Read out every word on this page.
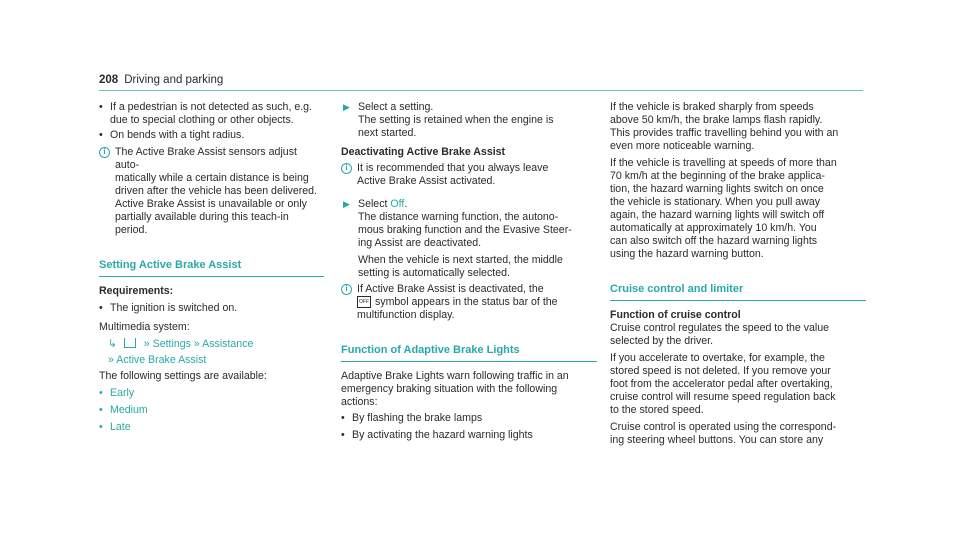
208 Driving and parking
• If a pedestrian is not detected as such, e.g.
due to special clothing or other objects.
• On bends with a tight radius.
i The Active Brake Assist sensors adjust auto-
matically while a certain distance is being
driven after the vehicle has been delivered.
Active Brake Assist is unavailable or only
partially available during this teach-in period.
Setting Active Brake Assist
Requirements:
• The ignition is switched on.
Multimedia system:
↳	» Settings » Assistance
» Active Brake Assist
The following settings are available:
• Early
• Medium
• Late
▶ Select a setting.
The setting is retained when the engine is
next started.
Deactivating Active Brake Assist
i It is recommended that you always leave
Active Brake Assist activated.
▶ Select Off.
The distance warning function, the autono-
mous braking function and the Evasive Steer-
ing Assist are deactivated.
When the vehicle is next started, the middle
setting is automatically selected.
i If Active Brake Assist is deactivated, the
OFF symbol appears in the status bar of the
multifunction display.
Function of Adaptive Brake Lights
Adaptive Brake Lights warn following traffic in an
emergency braking situation with the following
actions:
• By flashing the brake lamps
• By activating the hazard warning lights
If the vehicle is braked sharply from speeds
above 50 km/h, the brake lamps flash rapidly.
This provides traffic travelling behind you with an
even more noticeable warning.
If the vehicle is travelling at speeds of more than
70 km/h at the beginning of the brake applica-
tion, the hazard warning lights switch on once
the vehicle is stationary. When you pull away
again, the hazard warning lights will switch off
automatically at approximately 10 km/h. You
can also switch off the hazard warning lights
using the hazard warning button.
Cruise control and limiter
Function of cruise control
Cruise control regulates the speed to the value
selected by the driver.
If you accelerate to overtake, for example, the
stored speed is not deleted. If you remove your
foot from the accelerator pedal after overtaking,
cruise control will resume speed regulation back
to the stored speed.
Cruise control is operated using the correspond-
ing steering wheel buttons. You can store any
